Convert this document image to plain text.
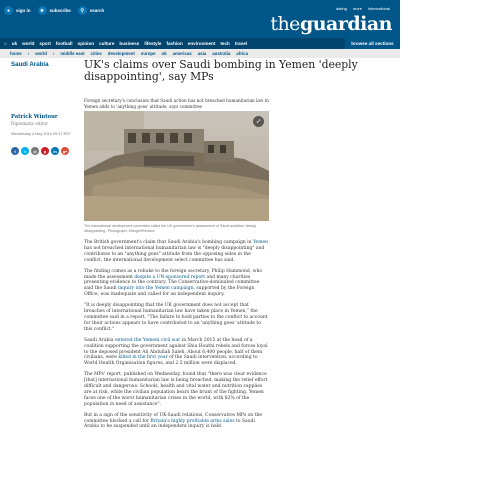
●	sign in	★	subscribe	⚲	search	dating more International
theguardian
⌂ uk world sport football opinion culture business lifestyle fashion environment tech travel	browse all sections
home › world › middle east cities development europe uk americas asia australia africa
Saudi Arabia	UK's claims over Saudi bombing in Yemen 'deeply disappointing', say MPs
Foreign secretary's conclusion that Saudi action has not breached humanitarian law in Yemen adds to 'anything goes' attitude, says committee
Patrick Wintour
Diplomatic editor
Wednesday 4 May 2016 09.47 BST
f	t	@	p	in	g+
⤢
The international development committee called the UK government's assessment of Saudi activities 'deeply disappointing'. Photograph: Stringer/Reuters

The British government's claim that Saudi Arabia's bombing campaign in Yemen has not breached international humanitarian law is "deeply disappointing" and contributes to an "anything goes" attitude from the opposing sides in the conflict, the international development select committee has said.

The finding comes as a rebuke to the foreign secretary, Philip Hammond, who made the assessment despite a UN-sponsored report and many charities presenting evidence to the contrary. The Conservative-dominated committee said the Saudi inquiry into the Yemen campaign, supported by the Foreign Office, was inadequate and called for an independent inquiry.

"It is deeply disappointing that the UK government does not accept that breaches of international humanitarian law have taken place in Yemen," the committee said in a report. "The failure to hold parties to the conflict to account for their actions appears to have contributed to an 'anything goes' attitude to this conflict."

Saudi Arabia entered the Yemeni civil war in March 2015 at the head of a coalition supporting the government against Shia Houthi rebels and forces loyal to the deposed president Ali Abdullah Saleh. About 6,400 people, half of them civilians, were killed in the first year of the Saudi intervention, according to World Health Organisation figures, and 2.5 million were displaced.

The MPs' report, published on Wednesday, found that "there was clear evidence [that] international humanitarian law is being breached, making the relief effort difficult and dangerous. Schools, health and vital water and nutrition supplies are at risk, while the civilian population bears the brunt of the fighting. Yemen faces one of the worst humanitarian crises in the world, with 82% of the population in need of assistance".

But in a sign of the sensitivity of UK-Saudi relations, Conservative MPs on the committee blocked a call for Britain's highly profitable arms sales to Saudi Arabia to be suspended until an independent inquiry is held.
